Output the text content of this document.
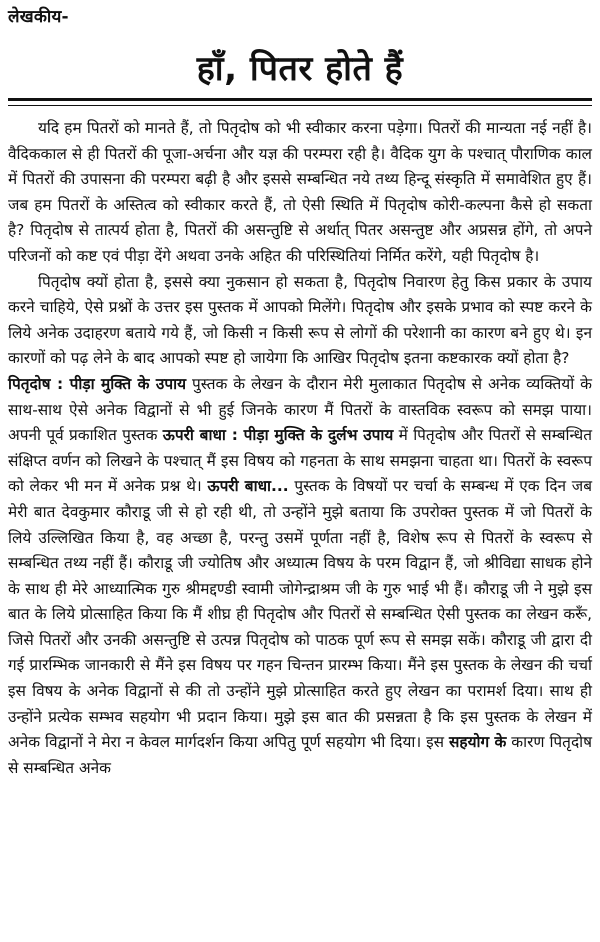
लेखकीय-
हाँ, पितर होते हैं

यदि हम पितरों को मानते हैं, तो पितृदोष को भी स्वीकार करना पड़ेगा। पितरों की मान्यता नई नहीं है। वैदिककाल से ही पितरों की पूजा-अर्चना और यज्ञ की परम्परा रही है। वैदिक युग के पश्चात् पौराणिक काल में पितरों की उपासना की परम्परा बढ़ी है और इससे सम्बन्धित नये तथ्य हिन्दू संस्कृति में समावेशित हुए हैं। जब हम पितरों के अस्तित्व को स्वीकार करते हैं, तो ऐसी स्थिति में पितृदोष कोरी-कल्पना कैसे हो सकता है? पितृदोष से तात्पर्य होता है, पितरों की असन्तुष्टि से अर्थात् पितर असन्तुष्ट और अप्रसन्न होंगे, तो अपने परिजनों को कष्ट एवं पीड़ा देंगे अथवा उनके अहित की परिस्थितियां निर्मित करेंगे, यही पितृदोष है।

पितृदोष क्यों होता है, इससे क्या नुकसान हो सकता है, पितृदोष निवारण हेतु किस प्रकार के उपाय करने चाहिये, ऐसे प्रश्नों के उत्तर इस पुस्तक में आपको मिलेंगे। पितृदोष और इसके प्रभाव को स्पष्ट करने के लिये अनेक उदाहरण बताये गये हैं, जो किसी न किसी रूप से लोगों की परेशानी का कारण बने हुए थे। इन कारणों को पढ़ लेने के बाद आपको स्पष्ट हो जायेगा कि आखिर पितृदोष इतना कष्टकारक क्यों होता है?

पितृदोष : पीड़ा मुक्ति के उपाय पुस्तक के लेखन के दौरान मेरी मुलाकात पितृदोष से अनेक व्यक्तियों के साथ-साथ ऐसे अनेक विद्वानों से भी हुई जिनके कारण मैं पितरों के वास्तविक स्वरूप को समझ पाया। अपनी पूर्व प्रकाशित पुस्तक ऊपरी बाधा : पीड़ा मुक्ति के दुर्लभ उपाय में पितृदोष और पितरों से सम्बन्धित संक्षिप्त वर्णन को लिखने के पश्चात् मैं इस विषय को गहनता के साथ समझना चाहता था। पितरों के स्वरूप को लेकर भी मन में अनेक प्रश्न थे। ऊपरी बाधा... पुस्तक के विषयों पर चर्चा के सम्बन्ध में एक दिन जब मेरी बात देवकुमार कौराडू जी से हो रही थी, तो उन्होंने मुझे बताया कि उपरोक्त पुस्तक में जो पितरों के लिये उल्लिखित किया है, वह अच्छा है, परन्तु उसमें पूर्णता नहीं है, विशेष रूप से पितरों के स्वरूप से सम्बन्धित तथ्य नहीं हैं। कौराडू जी ज्योतिष और अध्यात्म विषय के परम विद्वान हैं, जो श्रीविद्या साधक होने के साथ ही मेरे आध्यात्मिक गुरु श्रीमद्दण्डी स्वामी जोगेन्द्राश्रम जी के गुरु भाई भी हैं। कौराडू जी ने मुझे इस बात के लिये प्रोत्साहित किया कि मैं शीघ्र ही पितृदोष और पितरों से सम्बन्धित ऐसी पुस्तक का लेखन करूँ, जिसे पितरों और उनकी असन्तुष्टि से उत्पन्न पितृदोष को पाठक पूर्ण रूप से समझ सकें। कौराडू जी द्वारा दी गई प्रारम्भिक जानकारी से मैंने इस विषय पर गहन चिन्तन प्रारम्भ किया। मैंने इस पुस्तक के लेखन की चर्चा इस विषय के अनेक विद्वानों से की तो उन्होंने मुझे प्रोत्साहित करते हुए लेखन का परामर्श दिया। साथ ही उन्होंने प्रत्येक सम्भव सहयोग भी प्रदान किया। मुझे इस बात की प्रसन्नता है कि इस पुस्तक के लेखन में अनेक विद्वानों ने मेरा न केवल मार्गदर्शन किया अपितु पूर्ण सहयोग भी दिया। इस सहयोग के कारण पितृदोष से सम्बन्धित अनेक
